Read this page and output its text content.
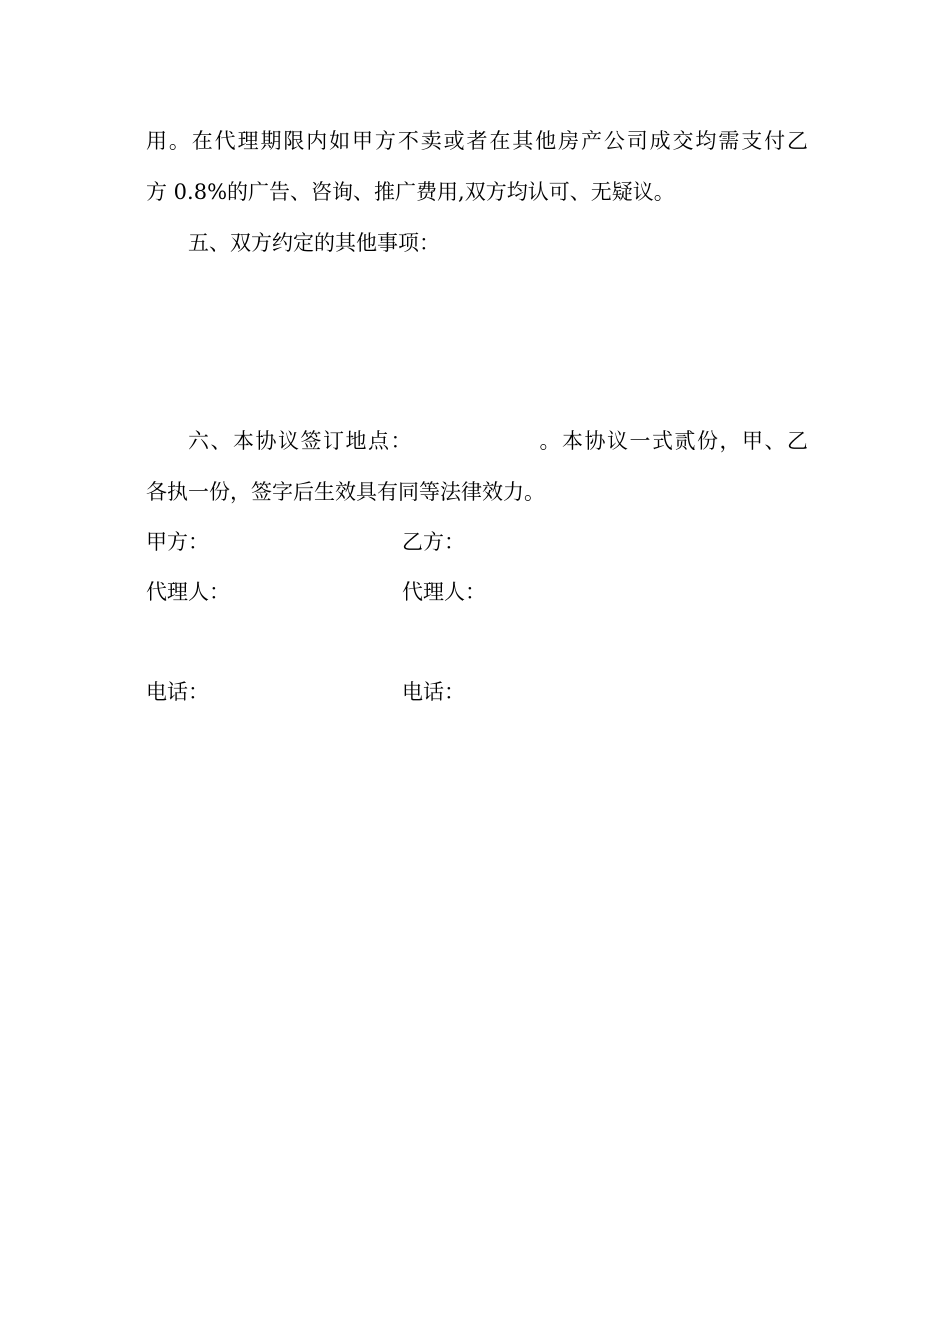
用。在代理期限内如甲方不卖或者在其他房产公司成交均需支付乙
方 0.8%的广告、咨询、推广费用,双方均认可、无疑议。
五、双方约定的其他事项：
六、本协议签订地点：	。本协议一式贰份，甲、乙
各执一份，签字后生效具有同等法律效力。
甲方：	乙方：
代理人：	代理人：
电话：	电话：
